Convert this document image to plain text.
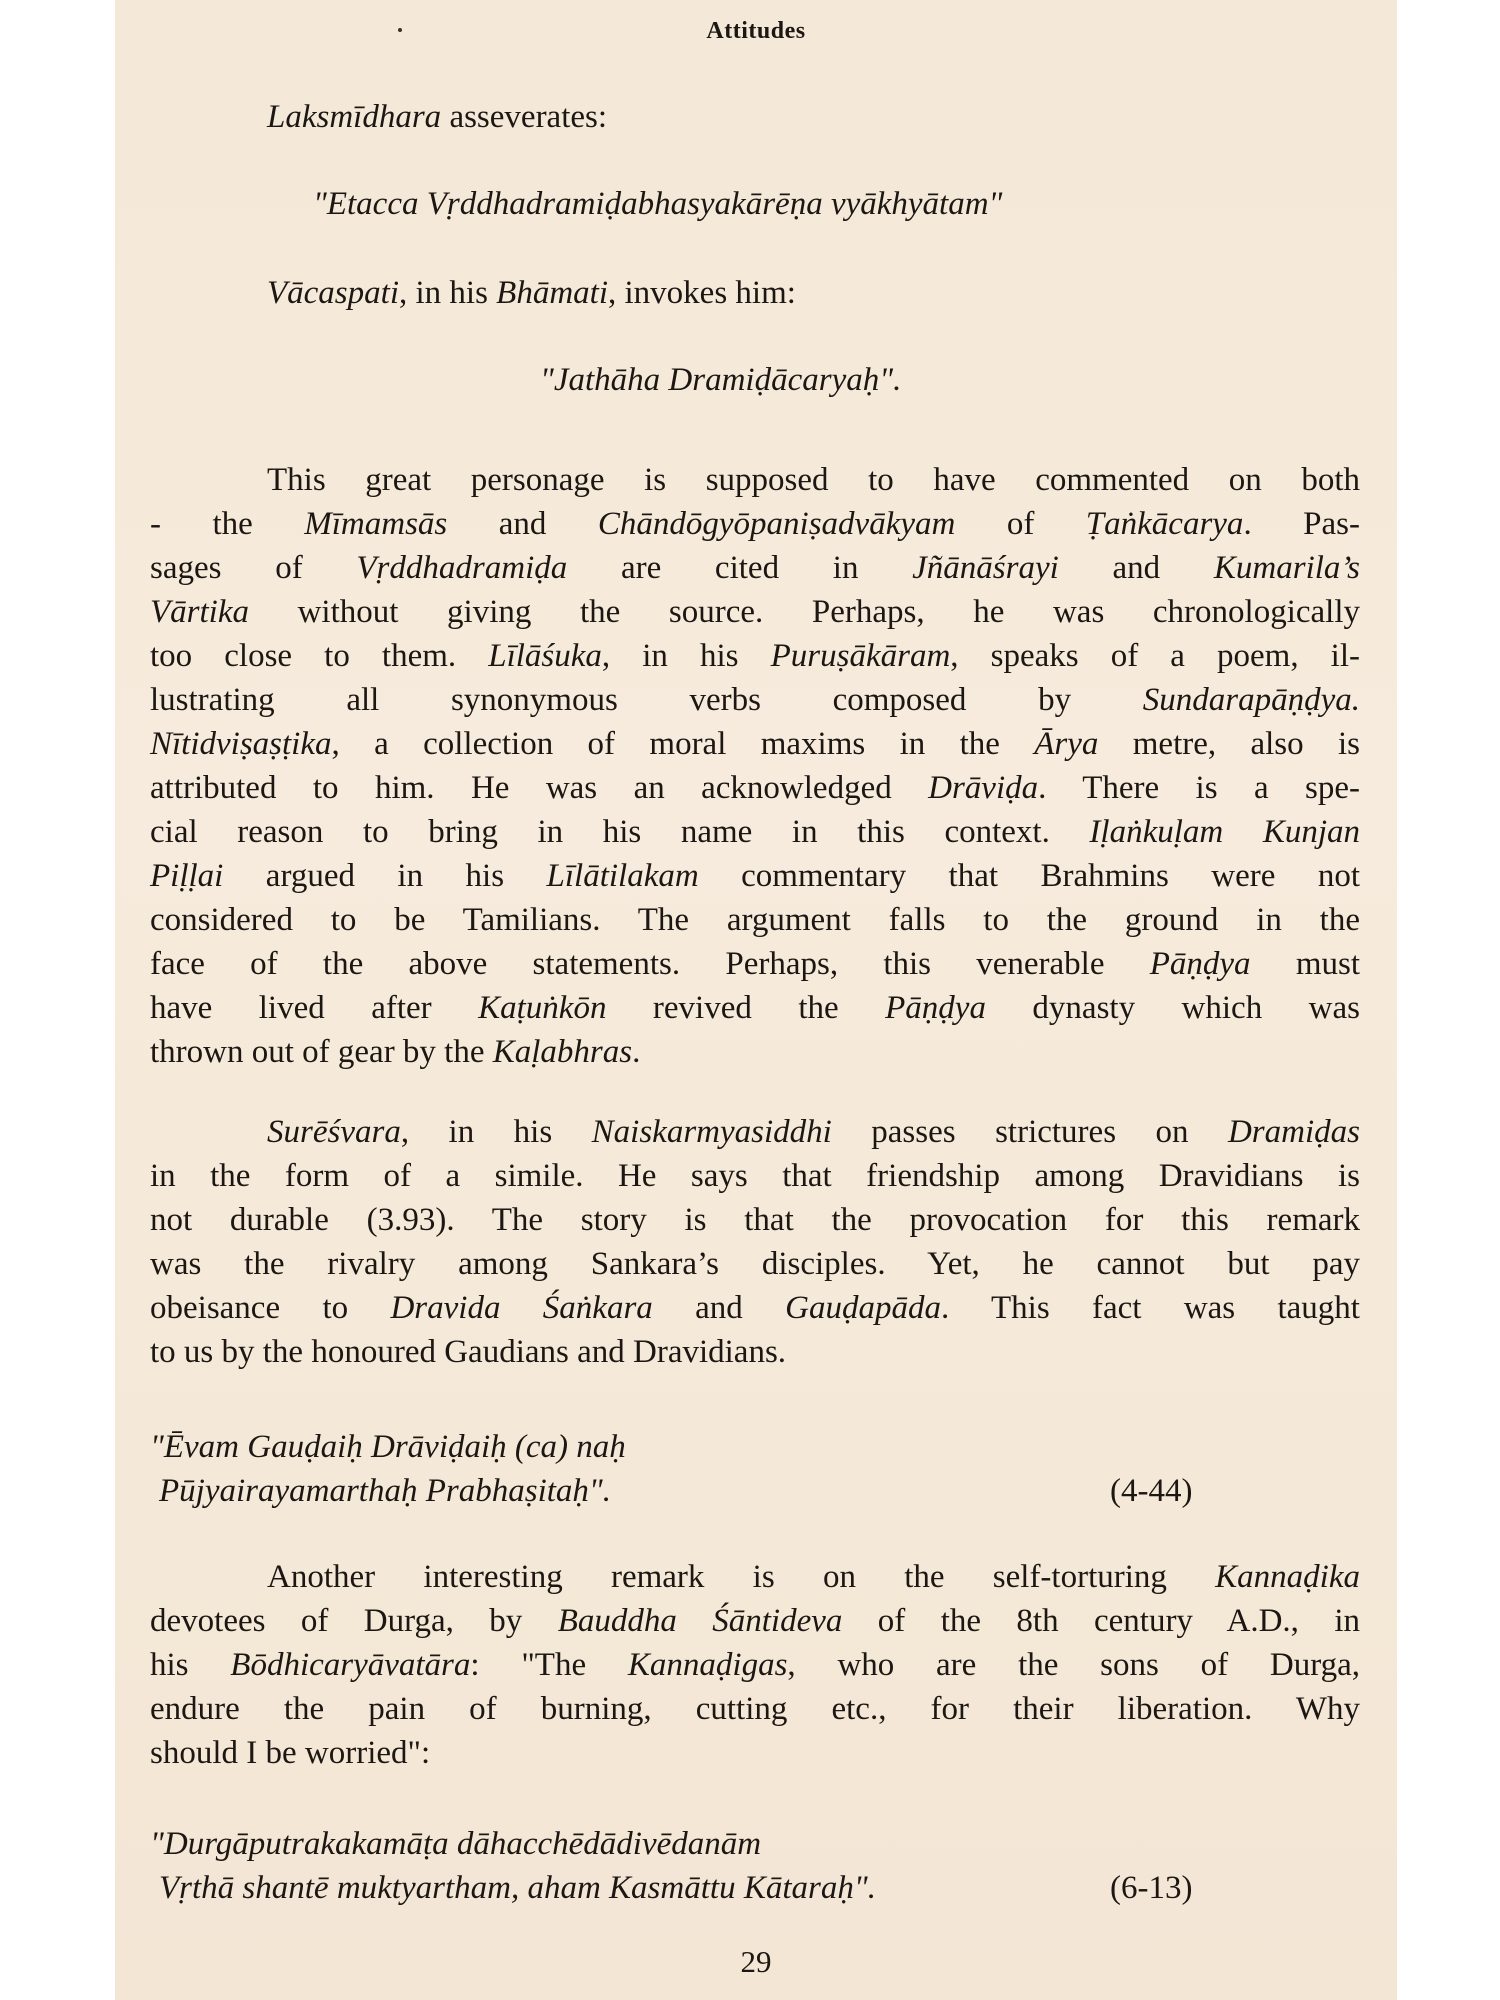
Attitudes

Laksmīdhara asseverates:

"Etacca Vṛddhadramiḍabhasyakārēṇa vyākhyātam"

Vācaspati, in his Bhāmati, invokes him:

"Jathāha Dramiḍācaryaḥ".

This great personage is supposed to have commented on both

- the Mīmamsās and Chāndōgyōpaniṣadvākyam of Ṭaṅkācarya. Pas-

sages of Vṛddhadramiḍa are cited in Jñānāśrayi and Kumarila’s

Vārtika without giving the source. Perhaps, he was chronologically

too close to them. Līlāśuka, in his Puruṣākāram, speaks of a poem, il-

lustrating all synonymous verbs composed by Sundarapāṇḍya.

Nītidviṣaṣṭika, a collection of moral maxims in the Ārya metre, also is

attributed to him. He was an acknowledged Drāviḍa. There is a spe-

cial reason to bring in his name in this context. Iḷaṅkuḷam Kunjan

Piḷḷai argued in his Līlātilakam commentary that Brahmins were not

considered to be Tamilians. The argument falls to the ground in the

face of the above statements. Perhaps, this venerable Pāṇḍya must

have lived after Kaṭuṅkōn revived the Pāṇḍya dynasty which was

thrown out of gear by the Kaḷabhras.

Surēśvara, in his Naiskarmyasiddhi passes strictures on Dramiḍas

in the form of a simile. He says that friendship among Dravidians is

not durable (3.93). The story is that the provocation for this remark

was the rivalry among Sankara’s disciples. Yet, he cannot but pay

obeisance to Dravida Śaṅkara and Gauḍapāda. This fact was taught

to us by the honoured Gaudians and Dravidians.

"Ēvam Gauḍaiḥ Drāviḍaiḥ (ca) naḥ

Pūjyairayamarthaḥ Prabhaṣitaḥ".	(4-44)

Another interesting remark is on the self-torturing Kannaḍika

devotees of Durga, by Bauddha Śāntideva of the 8th century A.D., in

his Bōdhicaryāvatāra: "The Kannaḍigas, who are the sons of Durga,

endure the pain of burning, cutting etc., for their liberation. Why

should I be worried":

"Durgāputrakakamāṭa dāhacchēdādivēdanām

Vṛthā shantē muktyartham, aham Kasmāttu Kātaraḥ".	(6-13)

29
